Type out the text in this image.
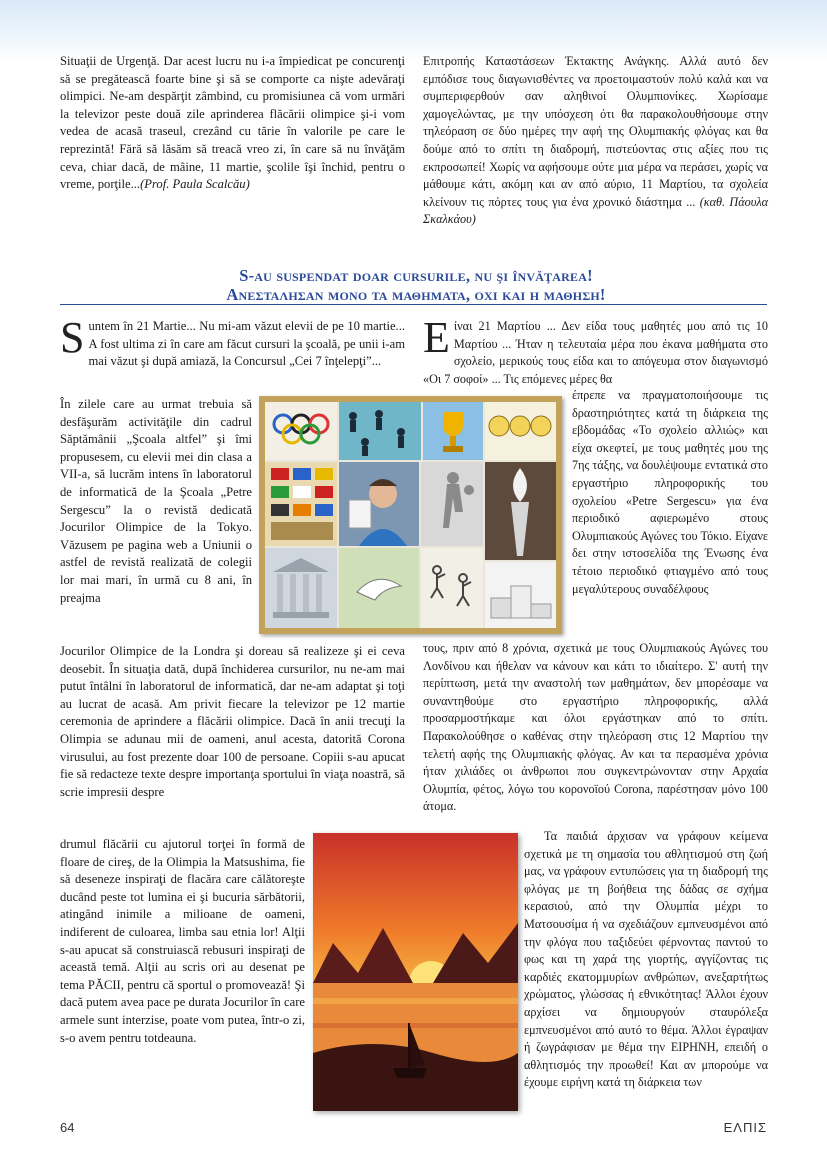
Situaţii de Urgenţă. Dar acest lucru nu i-a împiedicat pe concurenţi să se pregătească foarte bine şi să se comporte ca nişte adevăraţi olimpici. Ne-am despărţit zâmbind, cu promisiunea că vom urmări la televizor peste două zile aprinderea flăcării olimpice şi-i vom vedea de acasă traseul, crezând cu tărie în valorile pe care le reprezintă! Fără să lăsăm să treacă vreo zi, în care să nu învăţăm ceva, chiar dacă, de mâine, 11 martie, şcolile îşi închid, pentru o vreme, porţile...(Prof. Paula Scalcău)

Επιτροπής Καταστάσεων Έκτακτης Ανάγκης. Αλλά αυτό δεν εμπόδισε τους διαγωνισθέντες να προετοιμαστούν πολύ καλά και να συμπεριφερθούν σαν αληθινοί Ολυμπιονίκες. Χωρίσαμε χαμογελώντας, με την υπόσχεση ότι θα παρακολουθήσουμε στην τηλεόραση σε δύο ημέρες την αφή της Ολυμπιακής φλόγας και θα δούμε από το σπίτι τη διαδρομή, πιστεύοντας στις αξίες που τις εκπροσωπεί! Χωρίς να αφήσουμε ούτε μια μέρα να περάσει, χωρίς να μάθουμε κάτι, ακόμη και αν από αύριο, 11 Μαρτίου, τα σχολεία κλείνουν τις πόρτες τους για ένα χρονικό διάστημα ... (καθ. Πάουλα Σκαλκάου)

S-au suspendat doar cursurile, nu şi învăţarea!
Ανεσταλησαν μονο τα μαθηματα, οχι και η μαθηση!
S untem în 21 Martie... Nu mi-am văzut elevii de pe 10 martie... A fost ultima zi în care am făcut cursuri la şcoală, pe unii i-am mai văzut şi după amiază, la Concursul „Cei 7 înţelepţi”...

În zilele care au urmat trebuia să desfăşurăm activităţile din cadrul Săptămânii „Şcoala altfel” şi îmi propusesem, cu elevii mei din clasa a VII-a, să lucrăm intens în laboratorul de informatică de la Şcoala „Petre Sergescu” la o revistă dedicată Jocurilor Olimpice de la Tokyo. Văzusem pe pagina web a Uniunii o astfel de revistă realizată de colegii lor mai mari, în urmă cu 8 ani, în preajma

Jocurilor Olimpice de la Londra şi doreau să realizeze şi ei ceva deosebit. În situaţia dată, după închiderea cursurilor, nu ne-am mai putut întâlni în laboratorul de informatică, dar ne-am adaptat şi toţi au lucrat de acasă. Am privit fiecare la televizor pe 12 martie ceremonia de aprindere a flăcării olimpice. Dacă în anii trecuţi la Olimpia se adunau mii de oameni, anul acesta, datorită Corona virusului, au fost prezente doar 100 de persoane. Copiii s-au apucat fie să redacteze texte despre importanţa sportului în viaţa noastră, să scrie impresii despre

drumul flăcării cu ajutorul torţei în formă de floare de cireş, de la Olimpia la Matsushima, fie să deseneze inspiraţi de flacăra care călătoreşte ducând peste tot lumina ei şi bucuria sărbătorii, atingând inimile a milioane de oameni, indiferent de culoarea, limba sau etnia lor! Alţii s-au apucat să construiască rebusuri inspiraţi de această temă. Alţii au scris ori au desenat pe tema PĂCII, pentru că sportul o promovează! Şi dacă putem avea pace pe durata Jocurilor în care armele sunt interzise, poate vom putea, într-o zi, s-o avem pentru totdeauna.

Ε ίναι 21 Μαρτίου ... Δεν είδα τους μαθητές μου από τις 10 Μαρτίου ... Ήταν η τελευταία μέρα που έκανα μαθήματα στο σχολείο, μερικούς τους είδα και το απόγευμα στον διαγωνισμό «Οι 7 σοφοί» ... Τις επόμενες μέρες θα

έπρεπε να πραγματοποιήσουμε τις δραστηριότητες κατά τη διάρκεια της εβδομάδας «Το σχολείο αλλιώς» και είχα σκεφτεί, με τους μαθητές μου της 7ης τάξης, να δουλέψουμε εντατικά στο εργαστήριο πληροφορικής του σχολείου «Petre Sergescu» για ένα περιοδικό αφιερωμένο στους Ολυμπιακούς Αγώνες του Τόκιο. Είχανε δει στην ιστοσελίδα της Ένωσης ένα τέτοιο περιοδικό φτιαγμένο από τους μεγαλύτερους συναδέλφους

τους, πριν από 8 χρόνια, σχετικά με τους Ολυμπιακούς Αγώνες του Λονδίνου και ήθελαν να κάνουν και κάτι το ιδιαίτερο. Σ' αυτή την περίπτωση, μετά την αναστολή των μαθημάτων, δεν μπορέσαμε να συναντηθούμε στο εργαστήριο πληροφορικής, αλλά προσαρμοστήκαμε και όλοι εργάστηκαν από το σπίτι. Παρακολούθησε ο καθένας στην τηλεόραση στις 12 Μαρτίου την τελετή αφής της Ολυμπιακής φλόγας. Αν και τα περασμένα χρόνια ήταν χιλιάδες οι άνθρωποι που συγκεντρώνονταν στην Αρχαία Ολυμπία, φέτος, λόγω του κορονοϊού Corona, παρέστησαν μόνο 100 άτομα.

Τα παιδιά άρχισαν να γράφουν κείμενα σχετικά με τη σημασία του αθλητισμού στη ζωή μας, να γράφουν εντυπώσεις για τη διαδρομή της φλόγας με τη βοήθεια της δάδας σε σχήμα κερασιού, από την Ολυμπία μέχρι το Ματσουσίμα ή να σχεδιάζουν εμπνευσμένοι από την φλόγα που ταξιδεύει φέρνοντας παντού το φως και τη χαρά της γιορτής, αγγίζοντας τις καρδιές εκατομμυρίων ανθρώπων, ανεξαρτήτως χρώματος, γλώσσας ή εθνικότητας! Άλλοι έχουν αρχίσει να δημιουργούν σταυρόλεξα εμπνευσμένοι από αυτό το θέμα. Άλλοι έγραψαν ή ζωγράφισαν με θέμα την ΕΙΡΗΝΗ, επειδή ο αθλητισμός την προωθεί! Και αν μπορούμε να έχουμε ειρήνη κατά τη διάρκεια των

64	ΕΛΠΙΣ
